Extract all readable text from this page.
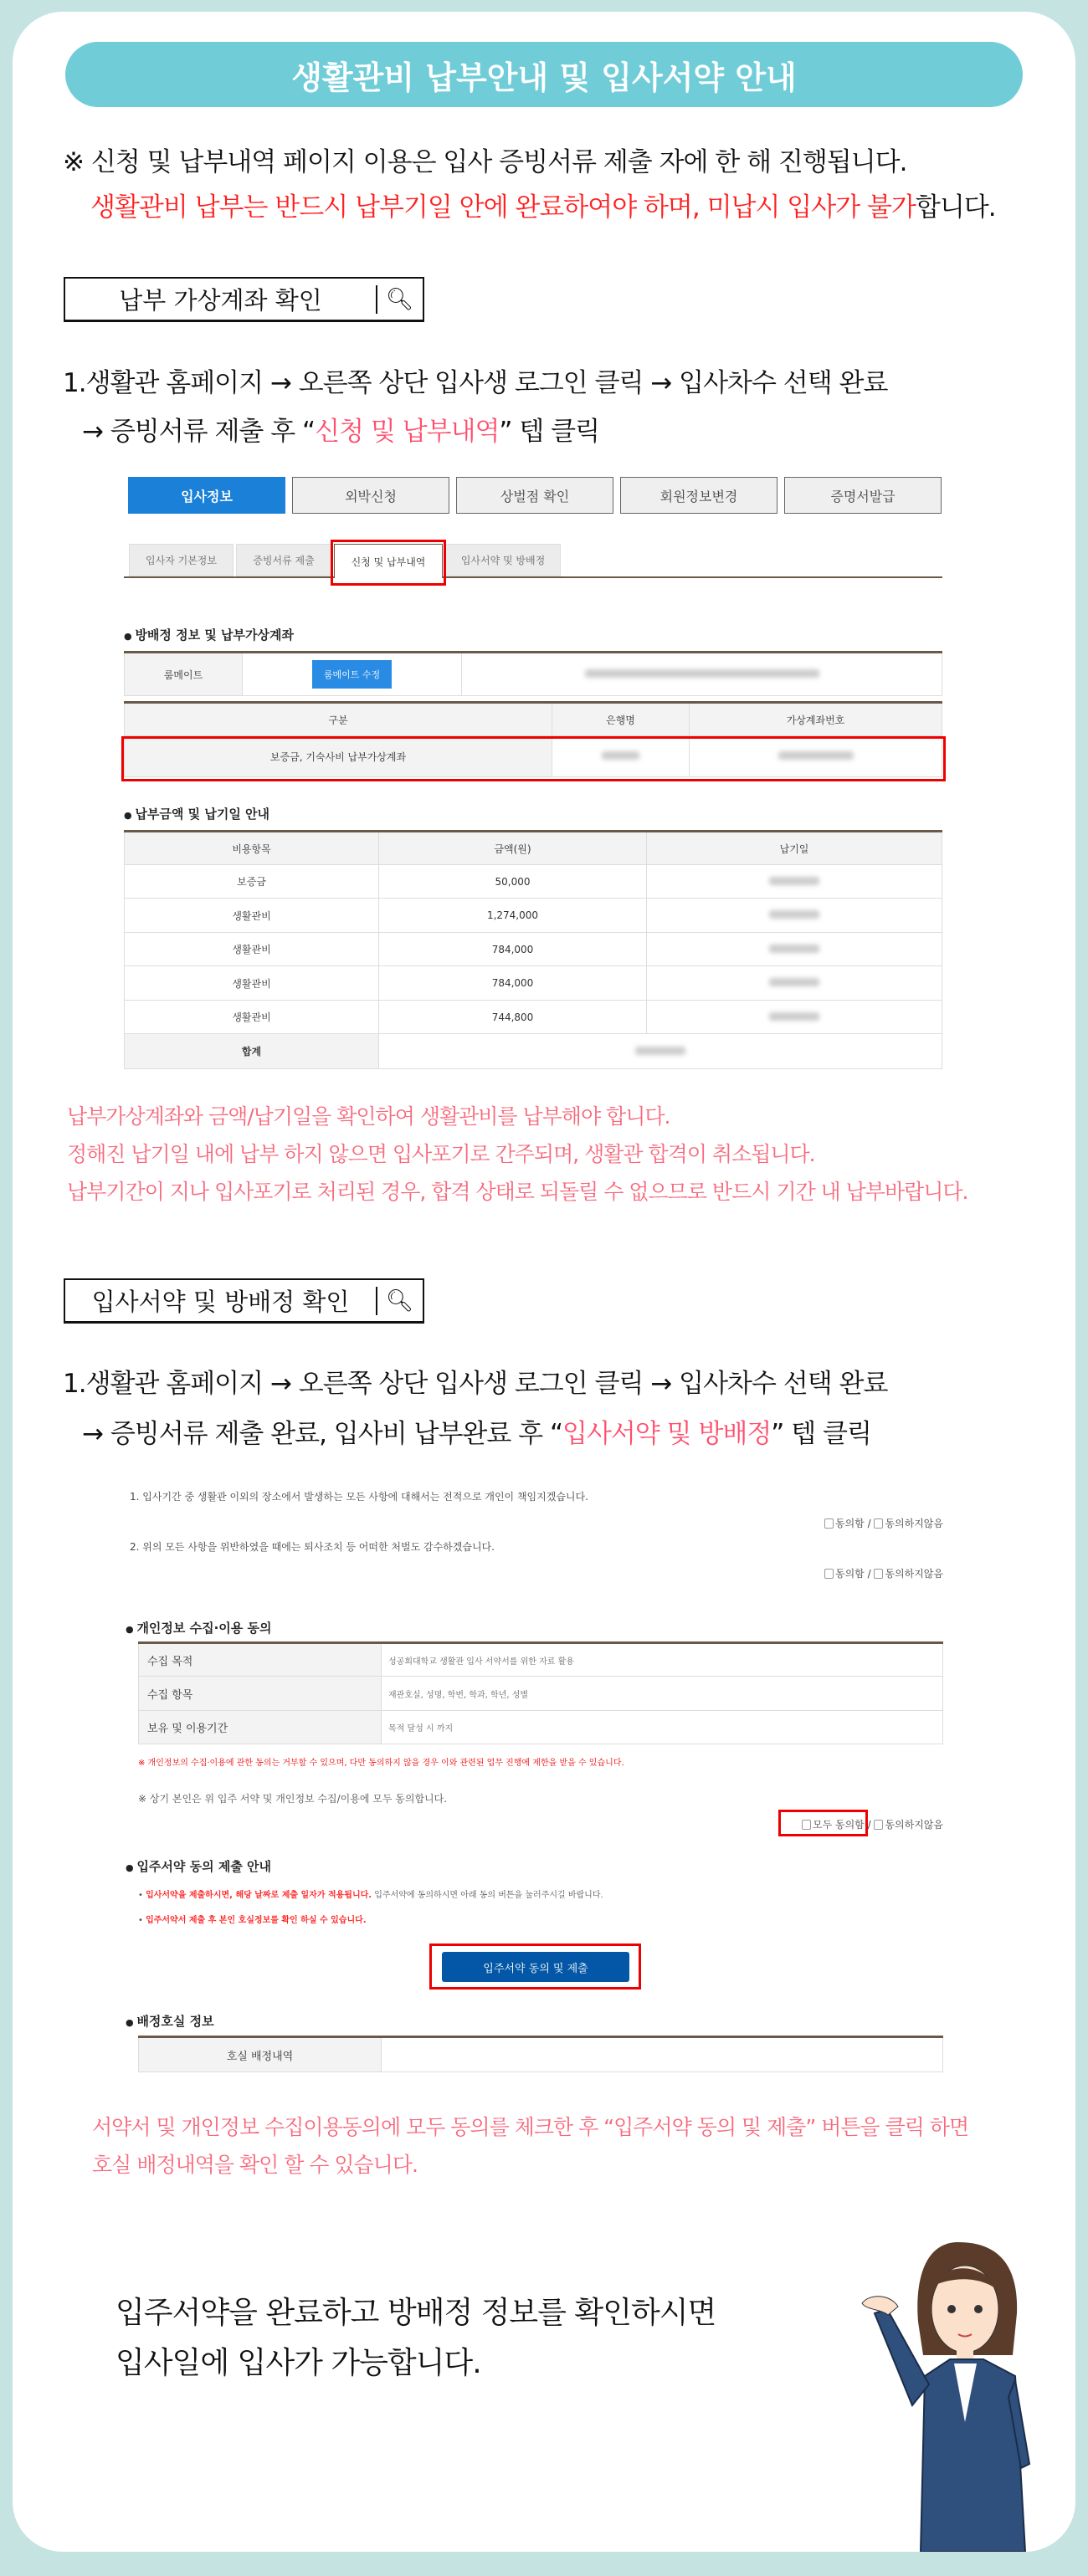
생활관비 납부안내 및 입사서약 안내
※ 신청 및 납부내역 페이지 이용은 입사 증빙서류 제출 자에 한 해 진행됩니다.
생활관비 납부는 반드시 납부기일 안에 완료하여야 하며, 미납시 입사가 불가합니다.
납부 가상계좌 확인	🔍︎
1.생활관 홈페이지 → 오른쪽 상단 입사생 로그인 클릭 → 입사차수 선택 완료
→ 증빙서류 제출 후 “신청 및 납부내역” 텝 클릭
입사정보	외박신청	상벌점 확인	회원정보변경	증명서발급
입사자 기본정보	증빙서류 제출	신청 및 납부내역	입사서약 및 방배정
● 방배정 정보 및 납부가상계좌
룸메이트	룸메이트 수정	
구분	은행명	가상계좌번호
보증금, 기숙사비 납부가상계좌		
● 납부금액 및 납기일 안내
비용항목	금액(원)	납기일
보증금	50,000	
생활관비	1,274,000	
생활관비	784,000	
생활관비	784,000	
생활관비	744,800	
합계		
납부가상계좌와 금액/납기일을 확인하여 생활관비를 납부해야 합니다.
정해진 납기일 내에 납부 하지 않으면 입사포기로 간주되며, 생활관 합격이 취소됩니다.
납부기간이 지나 입사포기로 처리된 경우, 합격 상태로 되돌릴 수 없으므로 반드시 기간 내 납부바랍니다.
입사서약 및 방배정 확인	🔍︎
1.생활관 홈페이지 → 오른쪽 상단 입사생 로그인 클릭 → 입사차수 선택 완료
→ 증빙서류 제출 완료, 입사비 납부완료 후 “입사서약 및 방배정” 텝 클릭
1. 입사기간 중 생활관 이외의 장소에서 발생하는 모든 사항에 대해서는 전적으로 개인이 책임지겠습니다.
동의함 / 동의하지않음
2. 위의 모든 사항을 위반하였을 때에는 퇴사조치 등 어떠한 처벌도 감수하겠습니다.
동의함 / 동의하지않음
● 개인정보 수집·이용 동의
수집 목적	성공회대학교 생활관 입사 서약서를 위한 자료 활용
수집 항목	재관호실, 성명, 학번, 학과, 학년, 성별
보유 및 이용기간	목적 달성 시 까지
※ 개인정보의 수집·이용에 관한 동의는 거부할 수 있으며, 다만 동의하지 않을 경우 이와 관련된 업무 진행에 제한을 받을 수 있습니다.
※ 상기 본인은 위 입주 서약 및 개인정보 수집/이용에 모두 동의합니다.
모두 동의함 / 동의하지않음
● 입주서약 동의 제출 안내
• 입사서약을 제출하시면, 해당 날짜로 제출 일자가 적용됩니다. 입주서약에 동의하시면 아래 동의 버튼을 눌러주시길 바랍니다.
• 입주서약서 제출 후 본인 호실정보를 확인 하실 수 있습니다.
입주서약 동의 및 제출
● 배정호실 정보
호실 배정내역	
서약서 및 개인정보 수집이용동의에 모두 동의를 체크한 후 “입주서약 동의 및 제출” 버튼을 클릭 하면
호실 배정내역을 확인 할 수 있습니다.
입주서약을 완료하고 방배정 정보를 확인하시면
입사일에 입사가 가능합니다.
